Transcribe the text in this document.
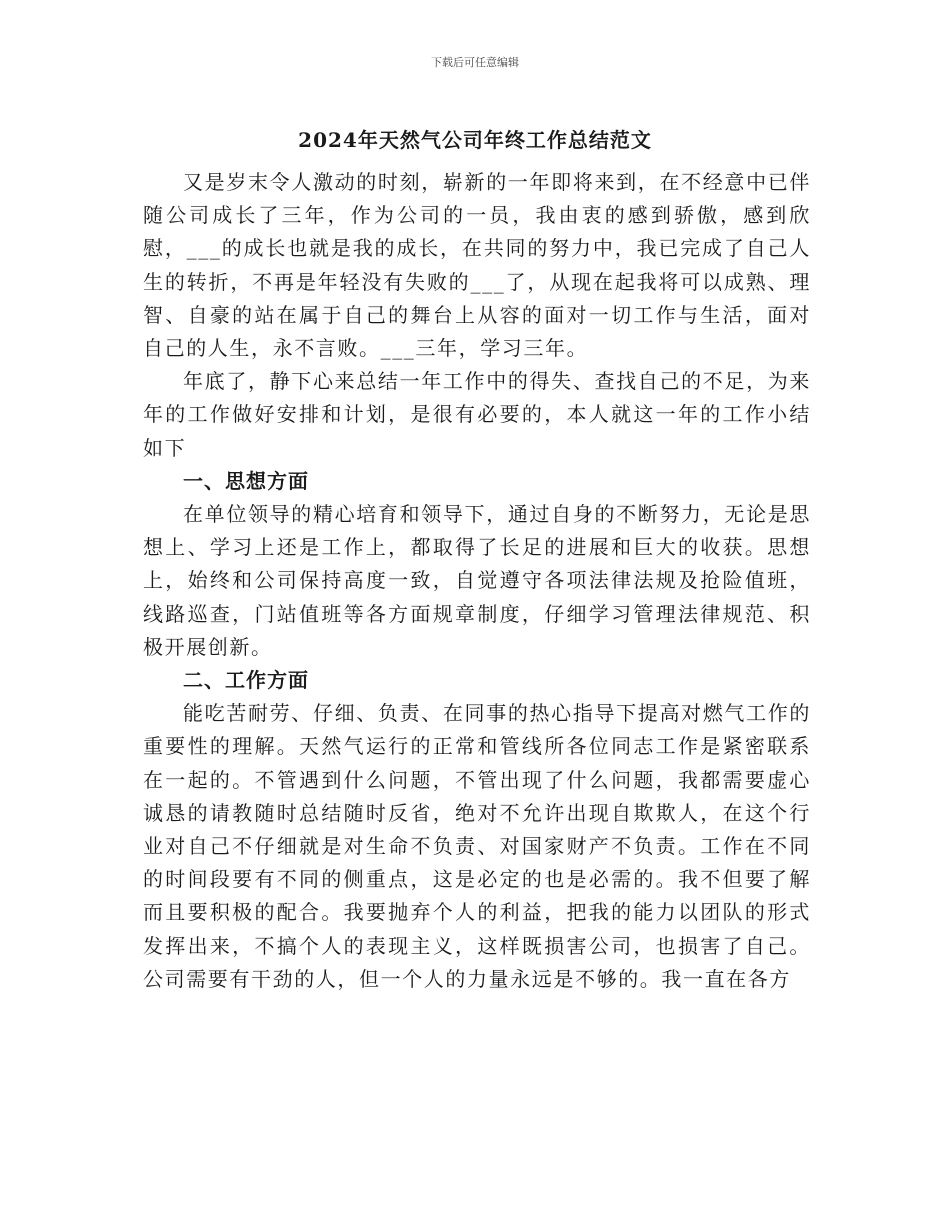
下载后可任意编辑
2024年天然气公司年终工作总结范文

又是岁末令人激动的时刻，崭新的一年即将来到，在不经意中已伴随公司成长了三年，作为公司的一员，我由衷的感到骄傲，感到欣慰，___的成长也就是我的成长，在共同的努力中，我已完成了自己人生的转折，不再是年轻没有失败的___了，从现在起我将可以成熟、理智、自豪的站在属于自己的舞台上从容的面对一切工作与生活，面对自己的人生，永不言败。___三年，学习三年。

年底了，静下心来总结一年工作中的得失、查找自己的不足，为来年的工作做好安排和计划，是很有必要的，本人就这一年的工作小结如下

一、思想方面

在单位领导的精心培育和领导下，通过自身的不断努力，无论是思想上、学习上还是工作上，都取得了长足的进展和巨大的收获。思想上，始终和公司保持高度一致，自觉遵守各项法律法规及抢险值班，线路巡查，门站值班等各方面规章制度，仔细学习管理法律规范、积极开展创新。

二、工作方面

能吃苦耐劳、仔细、负责、在同事的热心指导下提高对燃气工作的重要性的理解。天然气运行的正常和管线所各位同志工作是紧密联系在一起的。不管遇到什么问题，不管出现了什么问题，我都需要虚心诚恳的请教随时总结随时反省，绝对不允许出现自欺欺人，在这个行业对自己不仔细就是对生命不负责、对国家财产不负责。工作在不同的时间段要有不同的侧重点，这是必定的也是必需的。我不但要了解而且要积极的配合。我要抛弃个人的利益，把我的能力以团队的形式发挥出来，不搞个人的表现主义，这样既损害公司，也损害了自己。公司需要有干劲的人，但一个人的力量永远是不够的。我一直在各方
